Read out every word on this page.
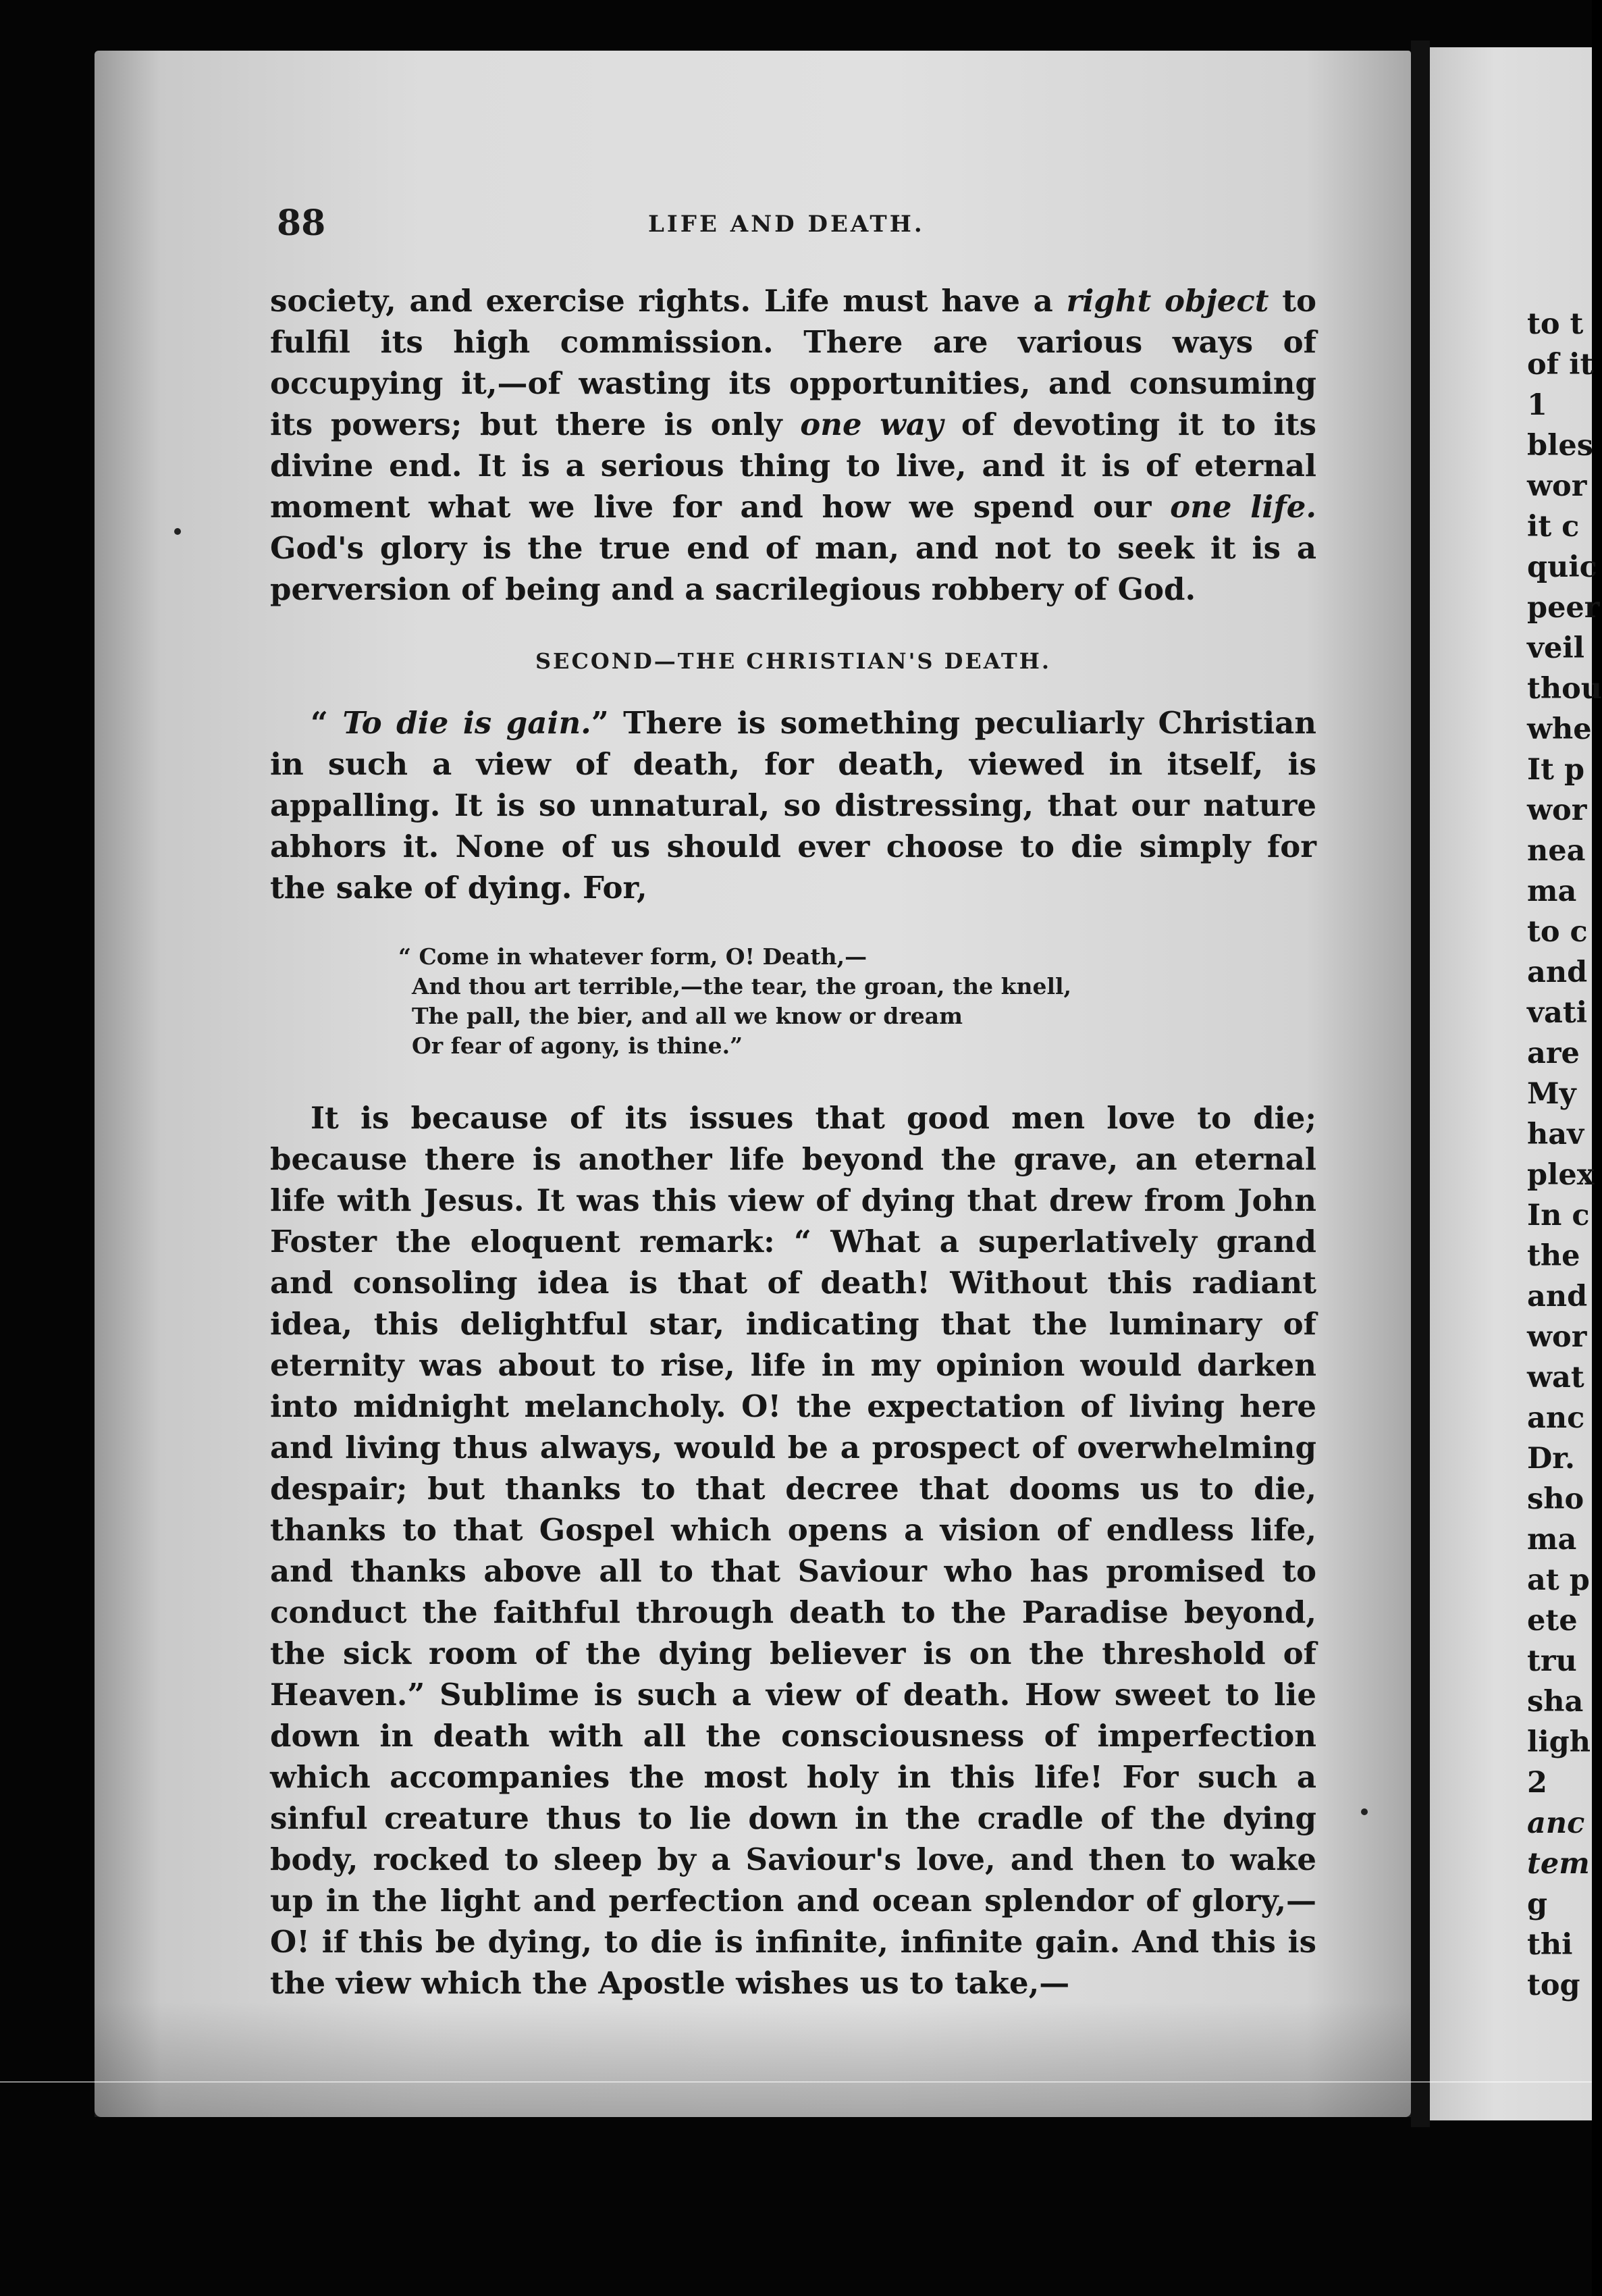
88	LIFE AND DEATH.

society, and exercise rights. Life must have a right object to fulfil its high commission. There are various ways of occupying it,—of wasting its opportunities, and consuming its powers; but there is only one way of devoting it to its divine end. It is a serious thing to live, and it is of eternal moment what we live for and how we spend our one life. God's glory is the true end of man, and not to seek it is a perversion of being and a sacrilegious robbery of God.

SECOND—THE CHRISTIAN'S DEATH.

“ To die is gain.” There is something peculiarly Christian in such a view of death, for death, viewed in itself, is appalling. It is so unnatural, so distressing, that our nature abhors it. None of us should ever choose to die simply for the sake of dying. For,

“ Come in whatever form, O! Death,—
And thou art terrible,—the tear, the groan, the knell,
The pall, the bier, and all we know or dream
Or fear of agony, is thine.”

It is because of its issues that good men love to die; because there is another life beyond the grave, an eternal life with Jesus. It was this view of dying that drew from John Foster the eloquent remark: “ What a superlatively grand and consoling idea is that of death! Without this radiant idea, this delightful star, indicating that the luminary of eternity was about to rise, life in my opinion would darken into midnight melancholy. O! the expectation of living here and living thus always, would be a prospect of overwhelming despair; but thanks to that decree that dooms us to die, thanks to that Gospel which opens a vision of endless life, and thanks above all to that Saviour who has promised to conduct the faithful through death to the Paradise beyond, the sick room of the dying believer is on the threshold of Heaven.” Sublime is such a view of death. How sweet to lie down in death with all the consciousness of imperfection which accompanies the most holy in this life! For such a sinful creature thus to lie down in the cradle of the dying body, rocked to sleep by a Saviour's love, and then to wake up in the light and perfection and ocean splendor of glory,—O! if this be dying, to die is infinite, infinite gain. And this is the view which the Apostle wishes us to take,—

to t
of it
1
bles
wor
it c
quic
peer
veil
thou
whe
It p
wor
nea
ma
to c
and
vati
are
My
hav
plex
In c
the
and
wor
wat
anc
Dr.
sho
ma
at p
ete
tru
sha
ligh
2
anc
tem
g
thi
tog
